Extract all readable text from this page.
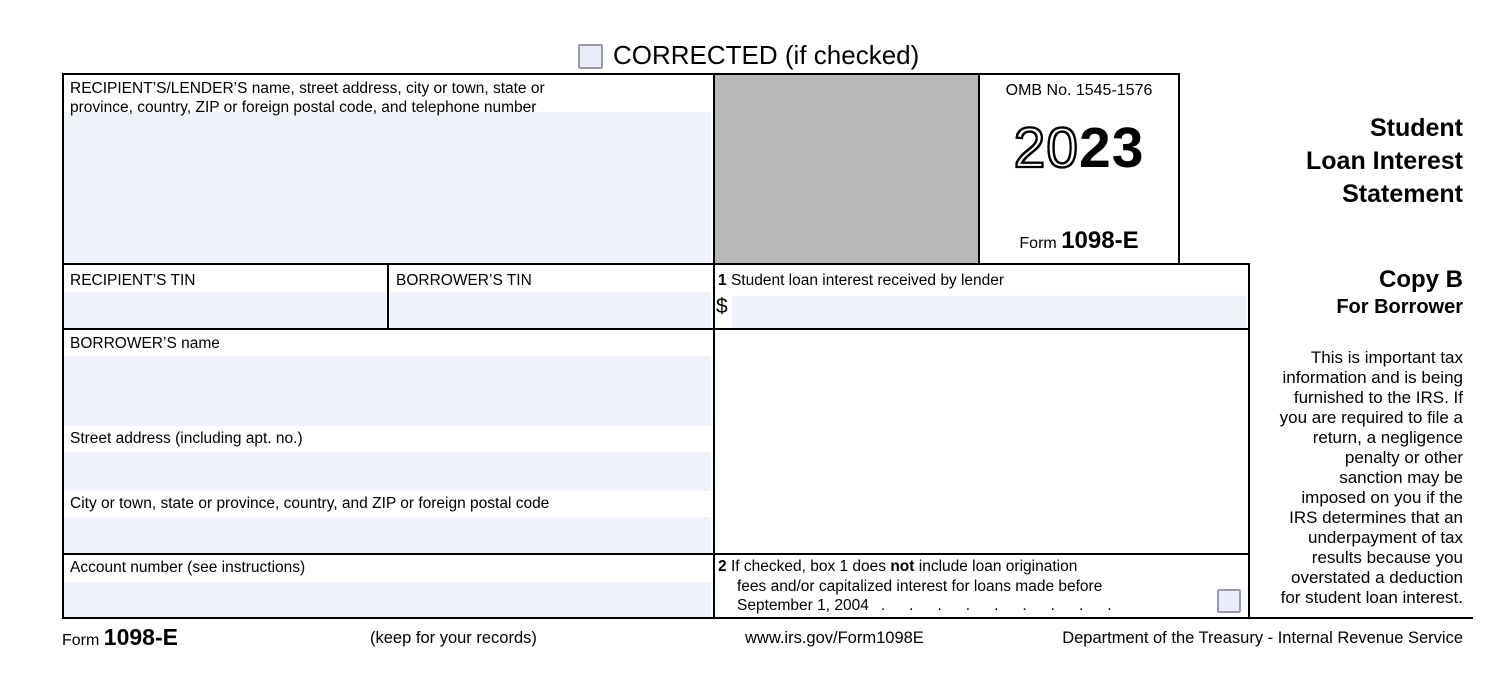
CORRECTED (if checked)
RECIPIENT’S/LENDER’S name, street address, city or town, state or
province, country, ZIP or foreign postal code, and telephone number
OMB No. 1545-1576
2023
Form 1098-E
Student
Loan Interest
Statement
RECIPIENT’S TIN	BORROWER’S TIN	1 Student loan interest received by lender
$
Copy B
For Borrower
This is important tax
information and is being
furnished to the IRS. If
you are required to file a
return, a negligence
penalty or other
sanction may be
imposed on you if the
IRS determines that an
underpayment of tax
results because you
overstated a deduction
for student loan interest.
BORROWER’S name
Street address (including apt. no.)
City or town, state or province, country, and ZIP or foreign postal code
Account number (see instructions)	2 If checked, box 1 does not include loan origination
fees and/or capitalized interest for loans made before
September 1, 2004 .........
Form 1098-E	(keep for your records)	www.irs.gov/Form1098E	Department of the Treasury - Internal Revenue Service
